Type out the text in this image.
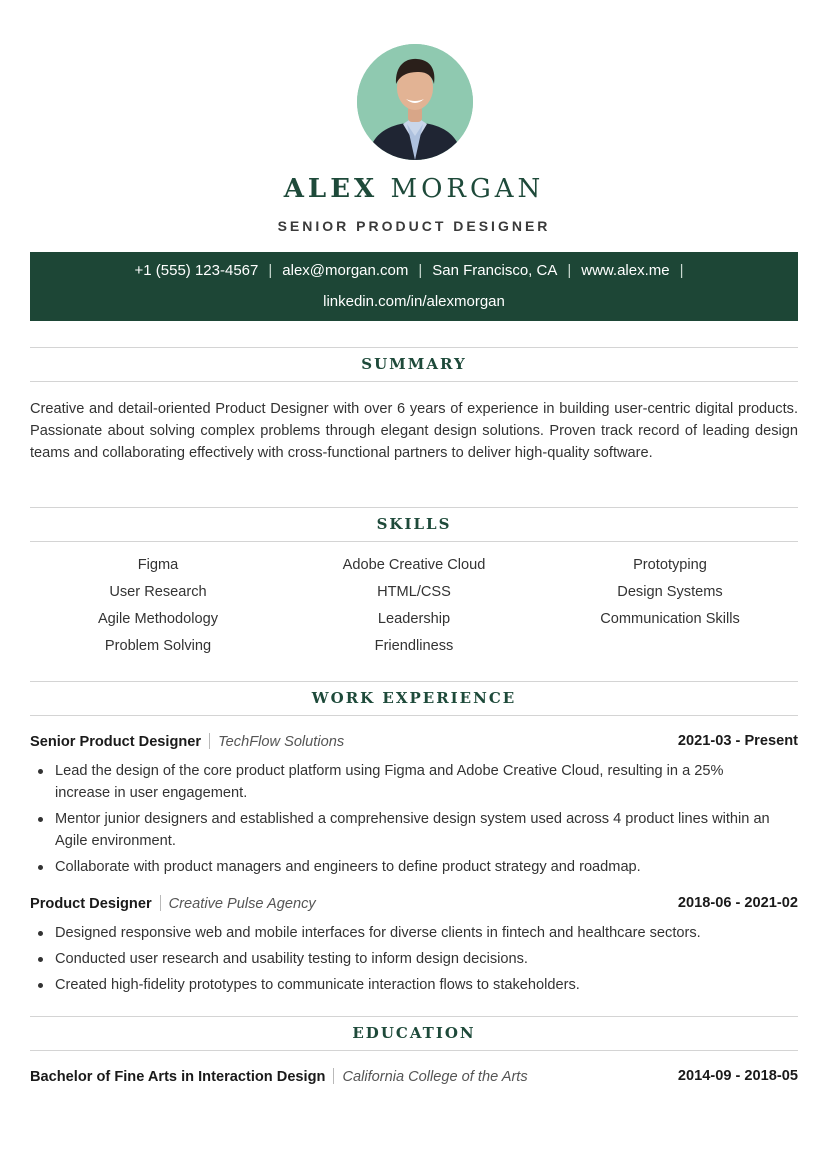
ALEX MORGAN
SENIOR PRODUCT DESIGNER
+1 (555) 123-4567 | alex@morgan.com | San Francisco, CA | www.alex.me |
linkedin.com/in/alexmorgan
SUMMARY

Creative and detail-oriented Product Designer with over 6 years of experience in building user-centric digital products. Passionate about solving complex problems through elegant design solutions. Proven track record of leading design teams and collaborating effectively with cross-functional partners to deliver high-quality software.

SKILLS
Figma	Adobe Creative Cloud	Prototyping
User Research	HTML/CSS	Design Systems
Agile Methodology	Leadership	Communication Skills
Problem Solving	Friendliness
WORK EXPERIENCE
Senior Product Designer TechFlow Solutions	2021-03 - Present
Lead the design of the core product platform using Figma and Adobe Creative Cloud, resulting in a 25% increase in user engagement.
Mentor junior designers and established a comprehensive design system used across 4 product lines within an Agile environment.
Collaborate with product managers and engineers to define product strategy and roadmap.
Product Designer Creative Pulse Agency	2018-06 - 2021-02
Designed responsive web and mobile interfaces for diverse clients in fintech and healthcare sectors.
Conducted user research and usability testing to inform design decisions.
Created high-fidelity prototypes to communicate interaction flows to stakeholders.
EDUCATION
Bachelor of Fine Arts in Interaction Design California College of the Arts	2014-09 - 2018-05
